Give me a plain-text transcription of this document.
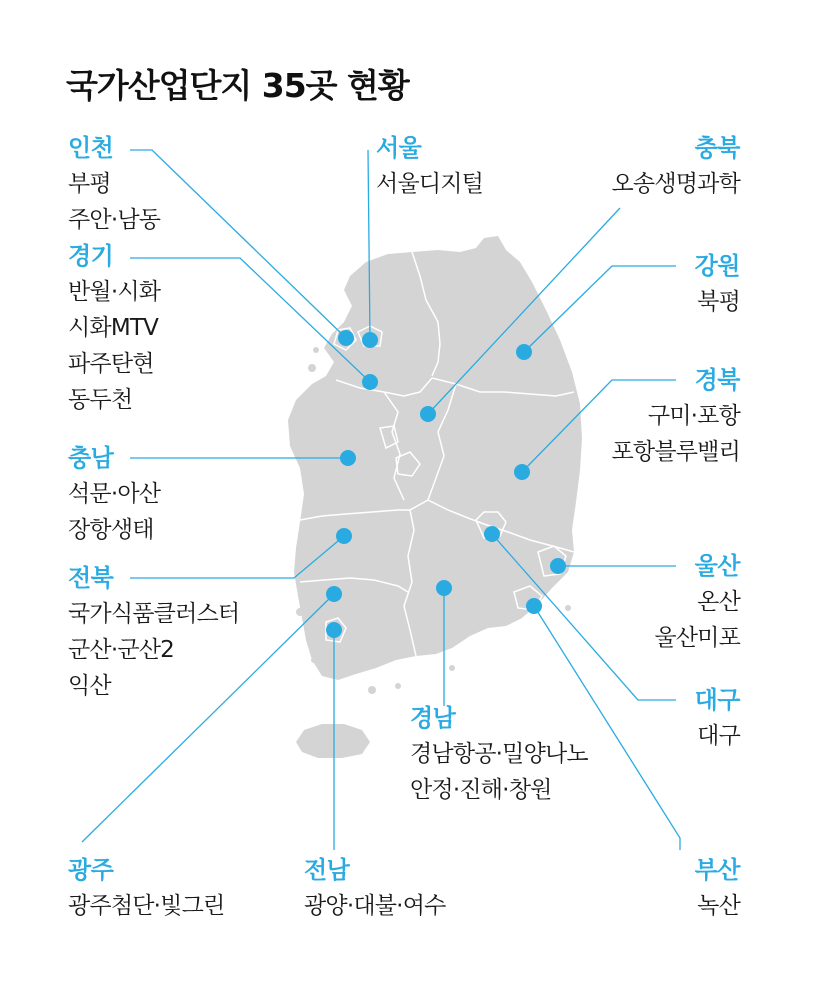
국가산업단지 35곳 현황
인천
부평
주안·남동
서울
서울디지털
충북
오송생명과학
경기
반월·시화
시화MTV
파주탄현
동두천
강원
북평
경북
구미·포항
포항블루밸리
충남
석문·아산
장항생태
전북
국가식품클러스터
군산·군산2
익산
울산
온산
울산미포
대구
대구
경남
경남항공·밀양나노
안정·진해·창원
광주
광주첨단·빛그린
전남
광양·대불·여수
부산
녹산
